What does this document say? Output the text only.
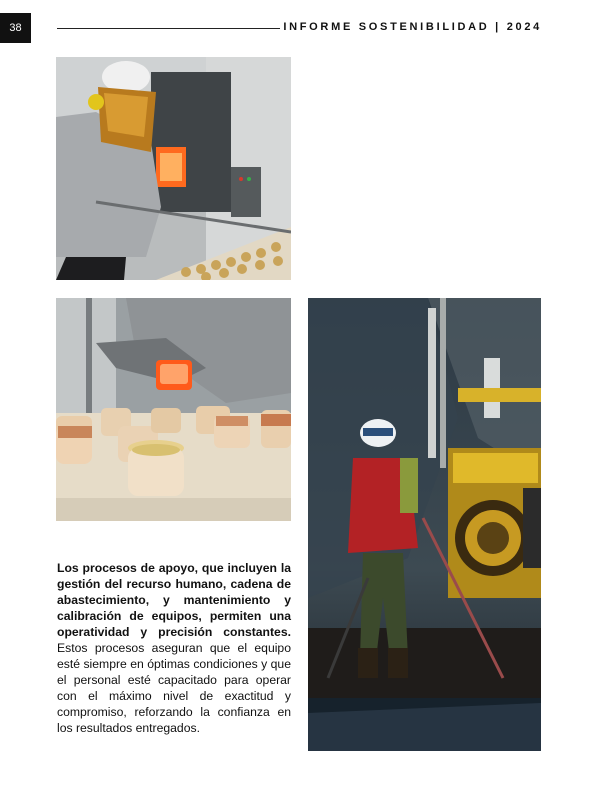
38	INFORME SOSTENIBILIDAD | 2024
Los procesos de apoyo, que incluyen la gestión del recurso humano, cadena de abastecimiento, y mantenimiento y calibración de equipos, permiten una operatividad y precisión constantes. Estos procesos aseguran que el equipo esté siempre en óptimas condiciones y que el personal esté capacitado para operar con el máximo nivel de exactitud y compromiso, reforzando la confianza en los resultados entregados.
